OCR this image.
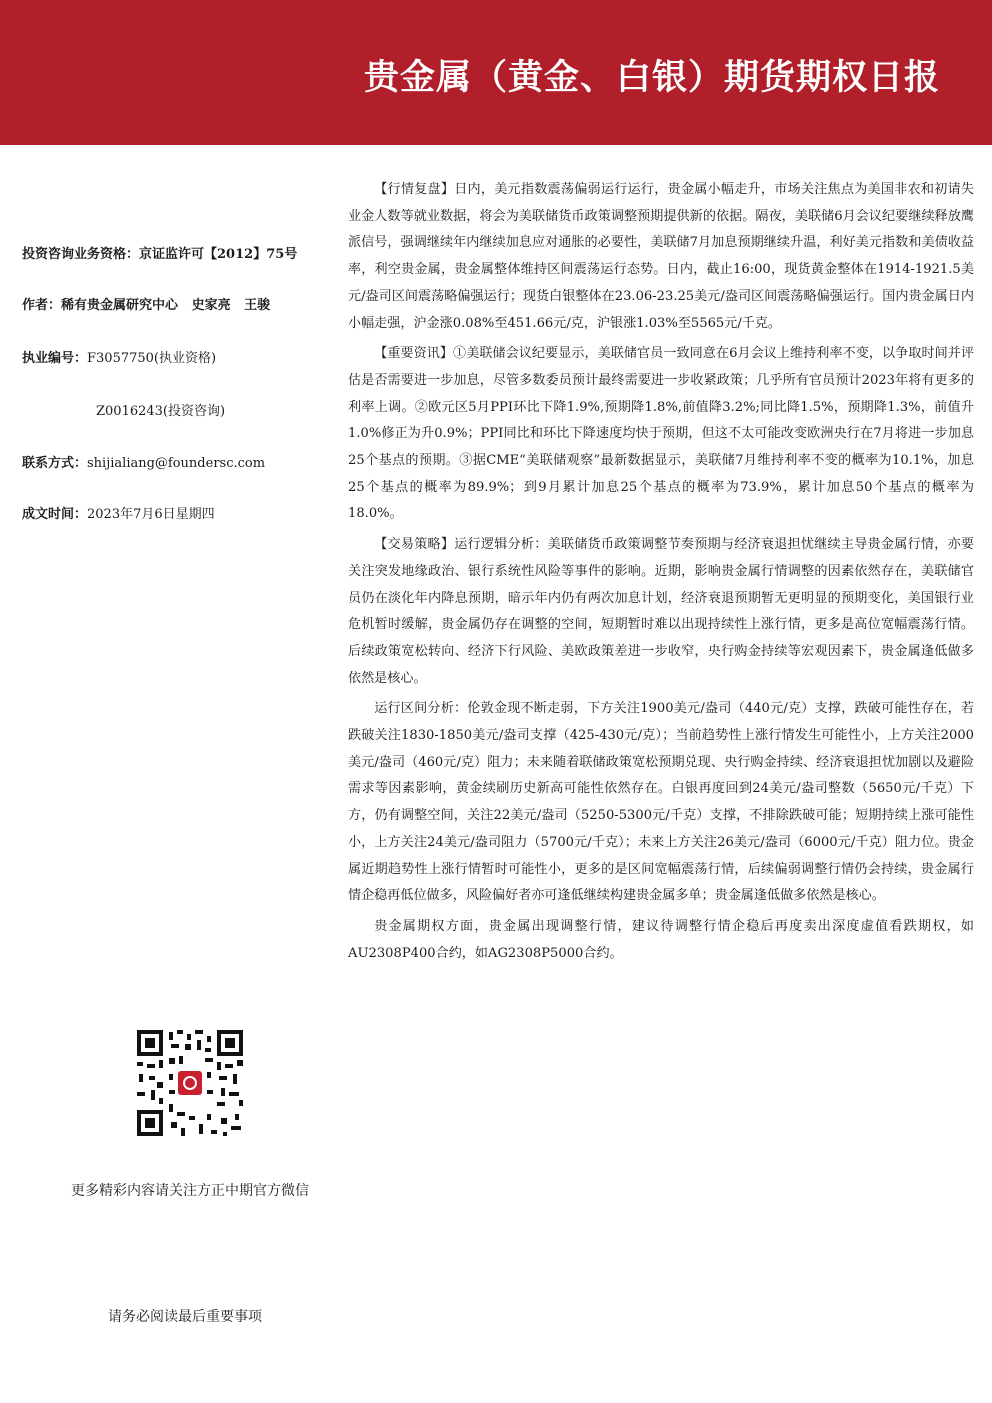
贵金属（黄金、白银）期货期权日报
投资咨询业务资格：京证监许可【2012】75号
作者：稀有贵金属研究中心   史家亮   王骏
执业编号：F3057750(执业资格)
Z0016243(投资咨询)
联系方式：shijialiang@foundersc.com
成文时间：2023年7月6日星期四
更多精彩内容请关注方正中期官方微信
请务必阅读最后重要事项

【行情复盘】日内，美元指数震荡偏弱运行运行，贵金属小幅走升，市场关注焦点为美国非农和初请失业金人数等就业数据，将会为美联储货币政策调整预期提供新的依据。隔夜，美联储6月会议纪要继续释放鹰派信号，强调继续年内继续加息应对通胀的必要性，美联储7月加息预期继续升温，利好美元指数和美债收益率，利空贵金属，贵金属整体维持区间震荡运行态势。日内，截止16:00，现货黄金整体在1914-1921.5美元/盎司区间震荡略偏强运行；现货白银整体在23.06-23.25美元/盎司区间震荡略偏强运行。国内贵金属日内小幅走强，沪金涨0.08%至451.66元/克，沪银涨1.03%至5565元/千克。

【重要资讯】①美联储会议纪要显示，美联储官员一致同意在6月会议上维持利率不变，以争取时间并评估是否需要进一步加息，尽管多数委员预计最终需要进一步收紧政策；几乎所有官员预计2023年将有更多的利率上调。②欧元区5月PPI环比下降1.9%,预期降1.8%,前值降3.2%;同比降1.5%，预期降1.3%，前值升1.0%修正为升0.9%；PPI同比和环比下降速度均快于预期，但这不太可能改变欧洲央行在7月将进一步加息25个基点的预期。③据CME“美联储观察”最新数据显示，美联储7月维持利率不变的概率为10.1%，加息25个基点的概率为89.9%；到9月累计加息25个基点的概率为73.9%，累计加息50个基点的概率为18.0%。

【交易策略】运行逻辑分析：美联储货币政策调整节奏预期与经济衰退担忧继续主导贵金属行情，亦要关注突发地缘政治、银行系统性风险等事件的影响。近期，影响贵金属行情调整的因素依然存在，美联储官员仍在淡化年内降息预期，暗示年内仍有两次加息计划，经济衰退预期暂无更明显的预期变化，美国银行业危机暂时缓解，贵金属仍存在调整的空间，短期暂时难以出现持续性上涨行情，更多是高位宽幅震荡行情。后续政策宽松转向、经济下行风险、美欧政策差进一步收窄，央行购金持续等宏观因素下，贵金属逢低做多依然是核心。

运行区间分析：伦敦金现不断走弱，下方关注1900美元/盎司（440元/克）支撑，跌破可能性存在，若跌破关注1830-1850美元/盎司支撑（425-430元/克）；当前趋势性上涨行情发生可能性小，上方关注2000美元/盎司（460元/克）阻力；未来随着联储政策宽松预期兑现、央行购金持续、经济衰退担忧加剧以及避险需求等因素影响，黄金续刷历史新高可能性依然存在。白银再度回到24美元/盎司整数（5650元/千克）下方，仍有调整空间，关注22美元/盎司（5250-5300元/千克）支撑，不排除跌破可能；短期持续上涨可能性小，上方关注24美元/盎司阻力（5700元/千克）；未来上方关注26美元/盎司（6000元/千克）阻力位。贵金属近期趋势性上涨行情暂时可能性小，更多的是区间宽幅震荡行情，后续偏弱调整行情仍会持续，贵金属行情企稳再低位做多，风险偏好者亦可逢低继续构建贵金属多单；贵金属逢低做多依然是核心。

贵金属期权方面，贵金属出现调整行情，建议待调整行情企稳后再度卖出深度虚值看跌期权，如AU2308P400合约，如AG2308P5000合约。
